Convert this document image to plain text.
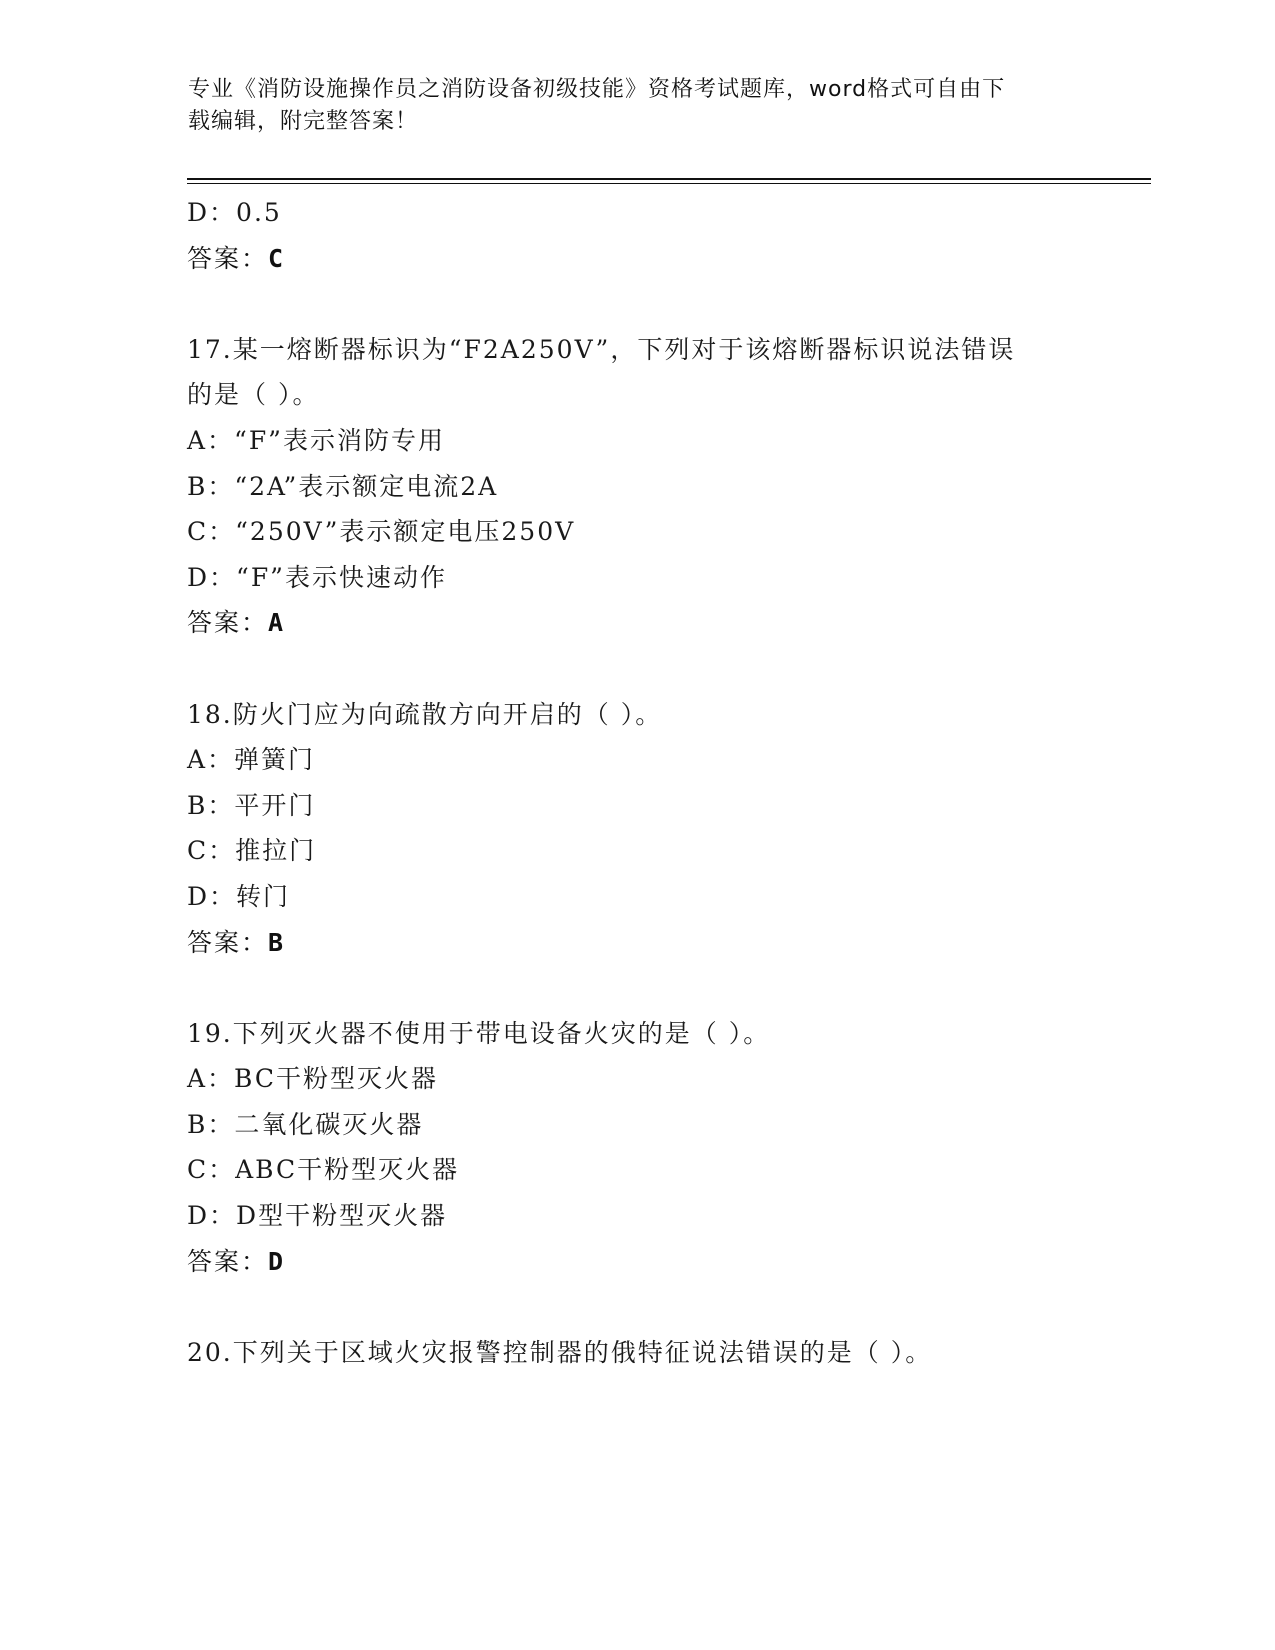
专业《消防设施操作员之消防设备初级技能》资格考试题库，word格式可自由下
载编辑，附完整答案！
D：0.5
答案：C
17.某一熔断器标识为“F2A250V”，下列对于该熔断器标识说法错误
的是（ ）。
A：“F”表示消防专用
B：“2A”表示额定电流2A
C：“250V”表示额定电压250V
D：“F”表示快速动作
答案：A
18.防火门应为向疏散方向开启的（ ）。
A：弹簧门
B：平开门
C：推拉门
D：转门
答案：B
19.下列灭火器不使用于带电设备火灾的是（ ）。
A：BC干粉型灭火器
B：二氧化碳灭火器
C：ABC干粉型灭火器
D：D型干粉型灭火器
答案：D
20.下列关于区域火灾报警控制器的俄特征说法错误的是（ ）。
